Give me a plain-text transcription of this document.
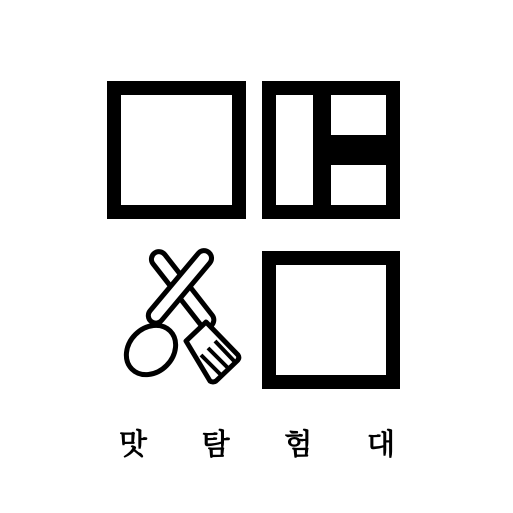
맛 탐 험 대
